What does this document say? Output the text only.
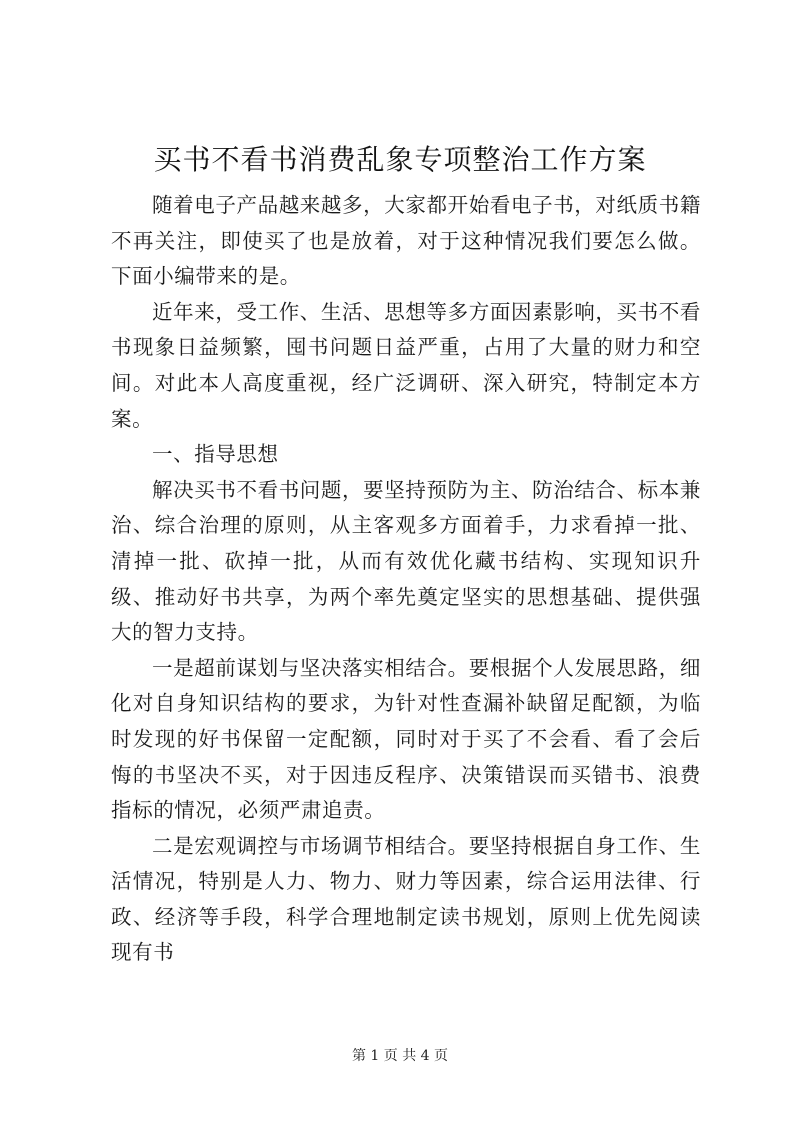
买书不看书消费乱象专项整治工作方案

随着电子产品越来越多，大家都开始看电子书，对纸质书籍不再关注，即使买了也是放着，对于这种情况我们要怎么做。下面小编带来的是。

近年来，受工作、生活、思想等多方面因素影响，买书不看书现象日益频繁，囤书问题日益严重，占用了大量的财力和空间。对此本人高度重视，经广泛调研、深入研究，特制定本方案。

一、指导思想

解决买书不看书问题，要坚持预防为主、防治结合、标本兼治、综合治理的原则，从主客观多方面着手，力求看掉一批、清掉一批、砍掉一批，从而有效优化藏书结构、实现知识升级、推动好书共享，为两个率先奠定坚实的思想基础、提供强大的智力支持。

一是超前谋划与坚决落实相结合。要根据个人发展思路，细化对自身知识结构的要求，为针对性查漏补缺留足配额，为临时发现的好书保留一定配额，同时对于买了不会看、看了会后悔的书坚决不买，对于因违反程序、决策错误而买错书、浪费指标的情况，必须严肃追责。

二是宏观调控与市场调节相结合。要坚持根据自身工作、生活情况，特别是人力、物力、财力等因素，综合运用法律、行政、经济等手段，科学合理地制定读书规划，原则上优先阅读现有书

第 1 页 共 4 页
